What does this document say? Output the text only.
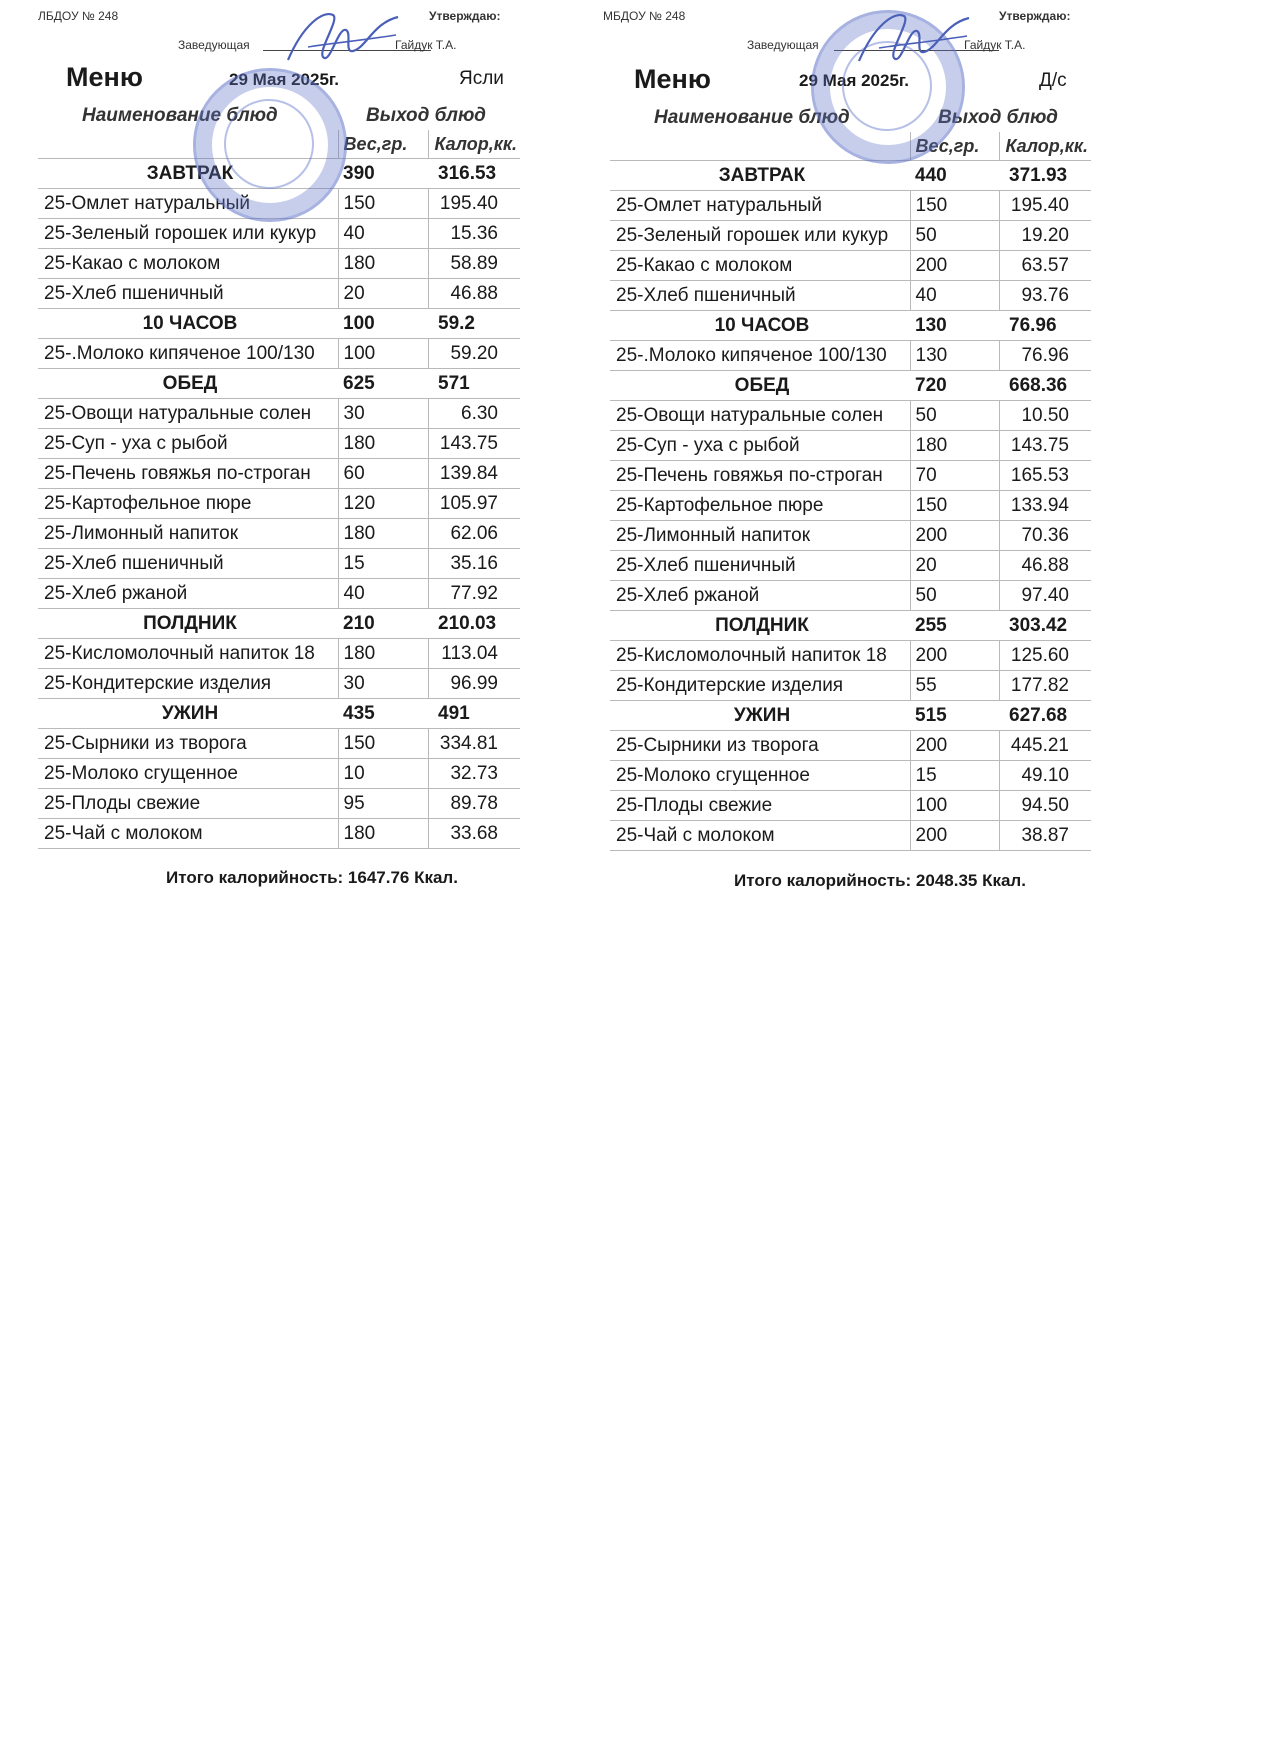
ЛБДОУ № 248	Утверждаю:
Заведующая	Гайдук Т.А.
Меню	29 Мая 2025г.	Ясли
Наименование блюд	Выход блюд	
	Вес,гр.	Калор,кк.
ЗАВТРАК	390	316.53
25-Омлет натуральный	150	195.40
25-Зеленый горошек или кукур	40	15.36
25-Какао с молоком	180	58.89
25-Хлеб пшеничный	20	46.88
10 ЧАСОВ	100	59.2
25-.Молоко кипяченое 100/130	100	59.20
ОБЕД	625	571
25-Овощи натуральные солен	30	6.30
25-Суп - уха с рыбой	180	143.75
25-Печень говяжья по-строган	60	139.84
25-Картофельное пюре	120	105.97
25-Лимонный напиток	180	62.06
25-Хлеб пшеничный	15	35.16
25-Хлеб ржаной	40	77.92
ПОЛДНИК	210	210.03
25-Кисломолочный напиток 18	180	113.04
25-Кондитерские изделия	30	96.99
УЖИН	435	491
25-Сырники из творога	150	334.81
25-Молоко сгущенное	10	32.73
25-Плоды свежие	95	89.78
25-Чай с молоком	180	33.68
Итого калорийность: 1647.76 Ккал.
МБДОУ № 248	Утверждаю:
Заведующая	Гайдук Т.А.
Меню	29 Мая 2025г.	Д/с
Наименование блюд	Выход блюд	
	Вес,гр.	Калор,кк.
ЗАВТРАК	440	371.93
25-Омлет натуральный	150	195.40
25-Зеленый горошек или кукур	50	19.20
25-Какао с молоком	200	63.57
25-Хлеб пшеничный	40	93.76
10 ЧАСОВ	130	76.96
25-.Молоко кипяченое 100/130	130	76.96
ОБЕД	720	668.36
25-Овощи натуральные солен	50	10.50
25-Суп - уха с рыбой	180	143.75
25-Печень говяжья по-строган	70	165.53
25-Картофельное пюре	150	133.94
25-Лимонный напиток	200	70.36
25-Хлеб пшеничный	20	46.88
25-Хлеб ржаной	50	97.40
ПОЛДНИК	255	303.42
25-Кисломолочный напиток 18	200	125.60
25-Кондитерские изделия	55	177.82
УЖИН	515	627.68
25-Сырники из творога	200	445.21
25-Молоко сгущенное	15	49.10
25-Плоды свежие	100	94.50
25-Чай с молоком	200	38.87
Итого калорийность: 2048.35 Ккал.
